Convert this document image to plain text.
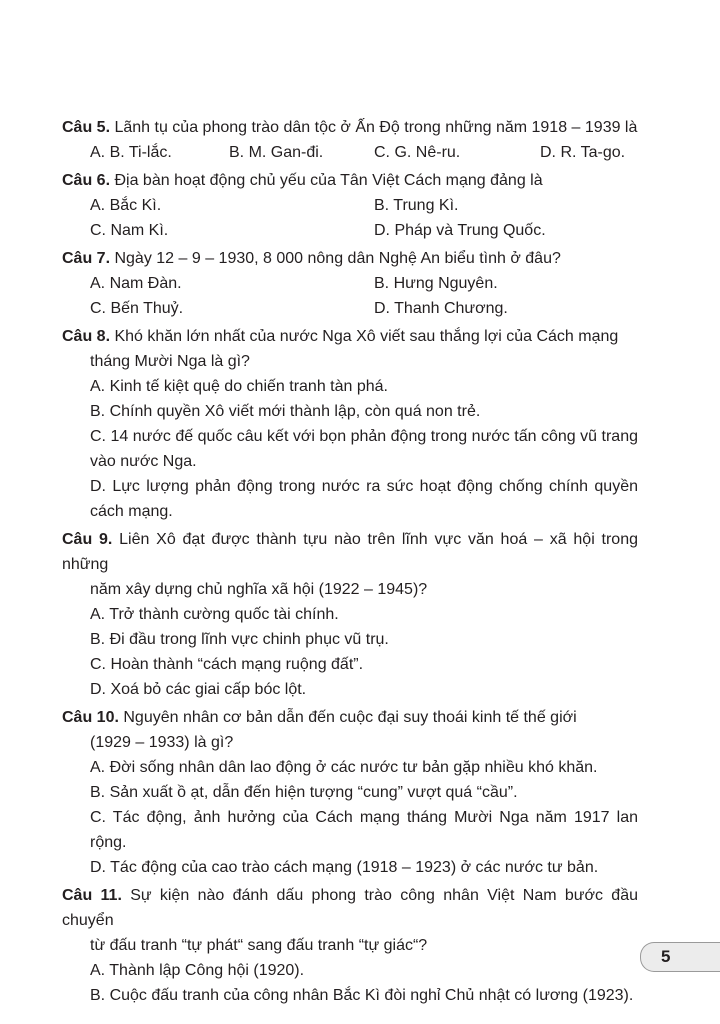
Câu 5. Lãnh tụ của phong trào dân tộc ở Ấn Độ trong những năm 1918 – 1939 là
A. B. Ti-lắc.	B. M. Gan-đi.	C. G. Nê-ru.	D. R. Ta-go.
Câu 6. Địa bàn hoạt động chủ yếu của Tân Việt Cách mạng đảng là
A. Bắc Kì.	B. Trung Kì.
C. Nam Kì.	D. Pháp và Trung Quốc.
Câu 7. Ngày 12 – 9 – 1930, 8 000 nông dân Nghệ An biểu tình ở đâu?
A. Nam Đàn.	B. Hưng Nguyên.
C. Bến Thuỷ.	D. Thanh Chương.
Câu 8. Khó khăn lớn nhất của nước Nga Xô viết sau thắng lợi của Cách mạng
tháng Mười Nga là gì?
A. Kinh tế kiệt quệ do chiến tranh tàn phá.
B. Chính quyền Xô viết mới thành lập, còn quá non trẻ.
C. 14 nước đế quốc câu kết với bọn phản động trong nước tấn công vũ trang vào nước Nga.
D. Lực lượng phản động trong nước ra sức hoạt động chống chính quyền cách mạng.
Câu 9. Liên Xô đạt được thành tựu nào trên lĩnh vực văn hoá – xã hội trong những
năm xây dựng chủ nghĩa xã hội (1922 – 1945)?
A. Trở thành cường quốc tài chính.
B. Đi đầu trong lĩnh vực chinh phục vũ trụ.
C. Hoàn thành “cách mạng ruộng đất”.
D. Xoá bỏ các giai cấp bóc lột.
Câu 10. Nguyên nhân cơ bản dẫn đến cuộc đại suy thoái kinh tế thế giới
(1929 – 1933) là gì?
A. Đời sống nhân dân lao động ở các nước tư bản gặp nhiều khó khăn.
B. Sản xuất ồ ạt, dẫn đến hiện tượng “cung” vượt quá “cầu”.
C. Tác động, ảnh hưởng của Cách mạng tháng Mười Nga năm 1917 lan rộng.
D. Tác động của cao trào cách mạng (1918 – 1923) ở các nước tư bản.
Câu 11. Sự kiện nào đánh dấu phong trào công nhân Việt Nam bước đầu chuyển
từ đấu tranh “tự phát“ sang đấu tranh “tự giác“?
A. Thành lập Công hội (1920).
B. Cuộc đấu tranh của công nhân Bắc Kì đòi nghỉ Chủ nhật có lương (1923).
5
